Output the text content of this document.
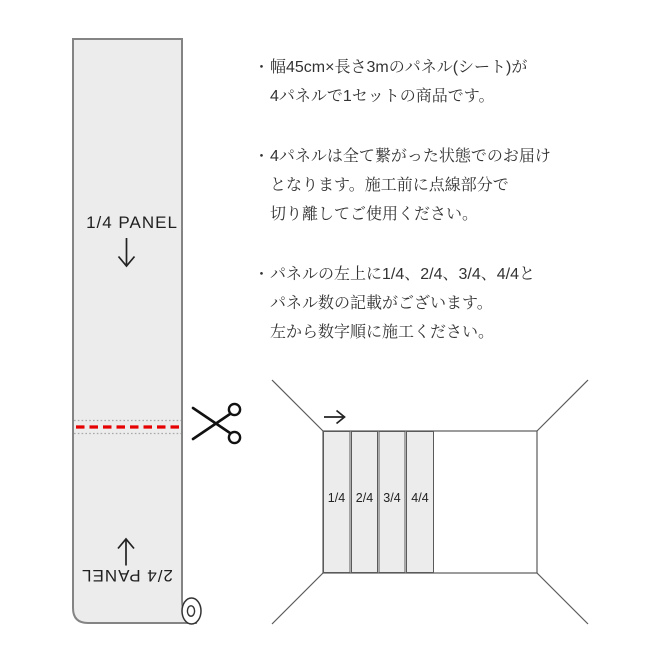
1/4 PANEL
2/4 PANEL
・ 幅45cm×長さ3mのパネル(シート)が
4パネルで1セットの商品です。
・ 4パネルは全て繋がった状態でのお届け
となります。施工前に点線部分で
切り離してご使用ください。
・ パネルの左上に1/4、2/4、3/4、4/4と
パネル数の記載がございます。
左から数字順に施工ください。
1/4 2/4 3/4 4/4
